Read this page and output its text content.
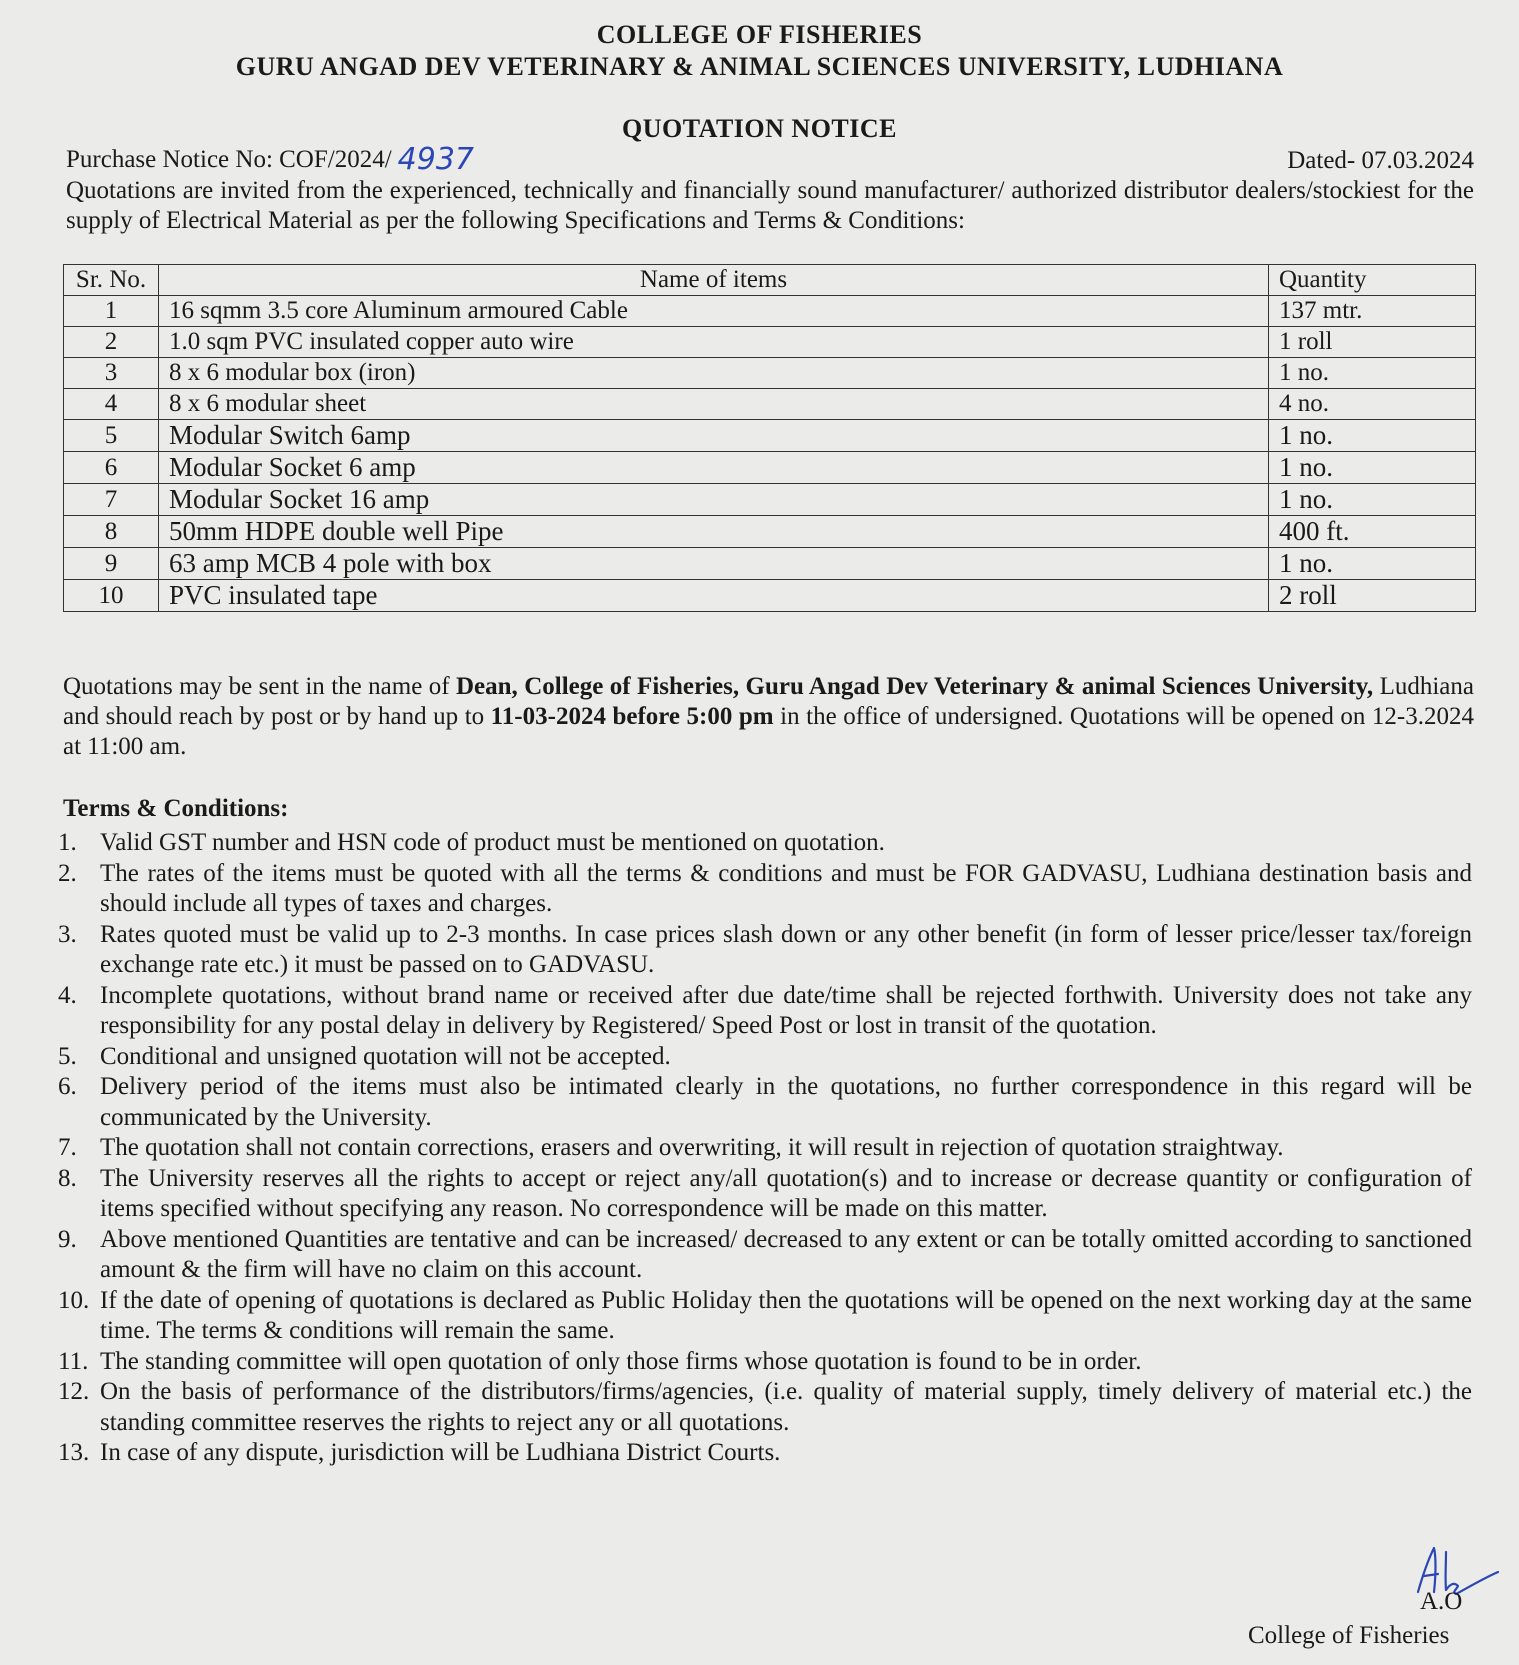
COLLEGE OF FISHERIES
GURU ANGAD DEV VETERINARY & ANIMAL SCIENCES UNIVERSITY, LUDHIANA
QUOTATION NOTICE
Purchase Notice No: COF/2024/ 4937	Dated- 07.03.2024
Quotations are invited from the experienced, technically and financially sound manufacturer/ authorized distributor dealers/stockiest for the supply of Electrical Material as per the following Specifications and Terms & Conditions:
Sr. No.	Name of items	Quantity
1	16 sqmm 3.5 core Aluminum armoured Cable	137 mtr.
2	1.0 sqm PVC insulated copper auto wire	1 roll
3	8 x 6 modular box (iron)	1 no.
4	8 x 6 modular sheet	4 no.
5	Modular Switch 6amp	1 no.
6	Modular Socket 6 amp	1 no.
7	Modular Socket 16 amp	1 no.
8	50mm HDPE double well Pipe	400 ft.
9	63 amp MCB 4 pole with box	1 no.
10	PVC insulated tape	2 roll
Quotations may be sent in the name of Dean, College of Fisheries, Guru Angad Dev Veterinary & animal Sciences University, Ludhiana and should reach by post or by hand up to 11-03-2024 before 5:00 pm in the office of undersigned. Quotations will be opened on 12-3.2024 at 11:00 am.
Terms & Conditions:
1. Valid GST number and HSN code of product must be mentioned on quotation.
2. The rates of the items must be quoted with all the terms & conditions and must be FOR GADVASU, Ludhiana destination basis and should include all types of taxes and charges.
3. Rates quoted must be valid up to 2-3 months. In case prices slash down or any other benefit (in form of lesser price/lesser tax/foreign exchange rate etc.) it must be passed on to GADVASU.
4. Incomplete quotations, without brand name or received after due date/time shall be rejected forthwith. University does not take any responsibility for any postal delay in delivery by Registered/ Speed Post or lost in transit of the quotation.
5. Conditional and unsigned quotation will not be accepted.
6. Delivery period of the items must also be intimated clearly in the quotations, no further correspondence in this regard will be communicated by the University.
7. The quotation shall not contain corrections, erasers and overwriting, it will result in rejection of quotation straightway.
8. The University reserves all the rights to accept or reject any/all quotation(s) and to increase or decrease quantity or configuration of items specified without specifying any reason. No correspondence will be made on this matter.
9. Above mentioned Quantities are tentative and can be increased/ decreased to any extent or can be totally omitted according to sanctioned amount & the firm will have no claim on this account.
10. If the date of opening of quotations is declared as Public Holiday then the quotations will be opened on the next working day at the same time. The terms & conditions will remain the same.
11. The standing committee will open quotation of only those firms whose quotation is found to be in order.
12. On the basis of performance of the distributors/firms/agencies, (i.e. quality of material supply, timely delivery of material etc.) the standing committee reserves the rights to reject any or all quotations.
13. In case of any dispute, jurisdiction will be Ludhiana District Courts.
A.O
College of Fisheries
